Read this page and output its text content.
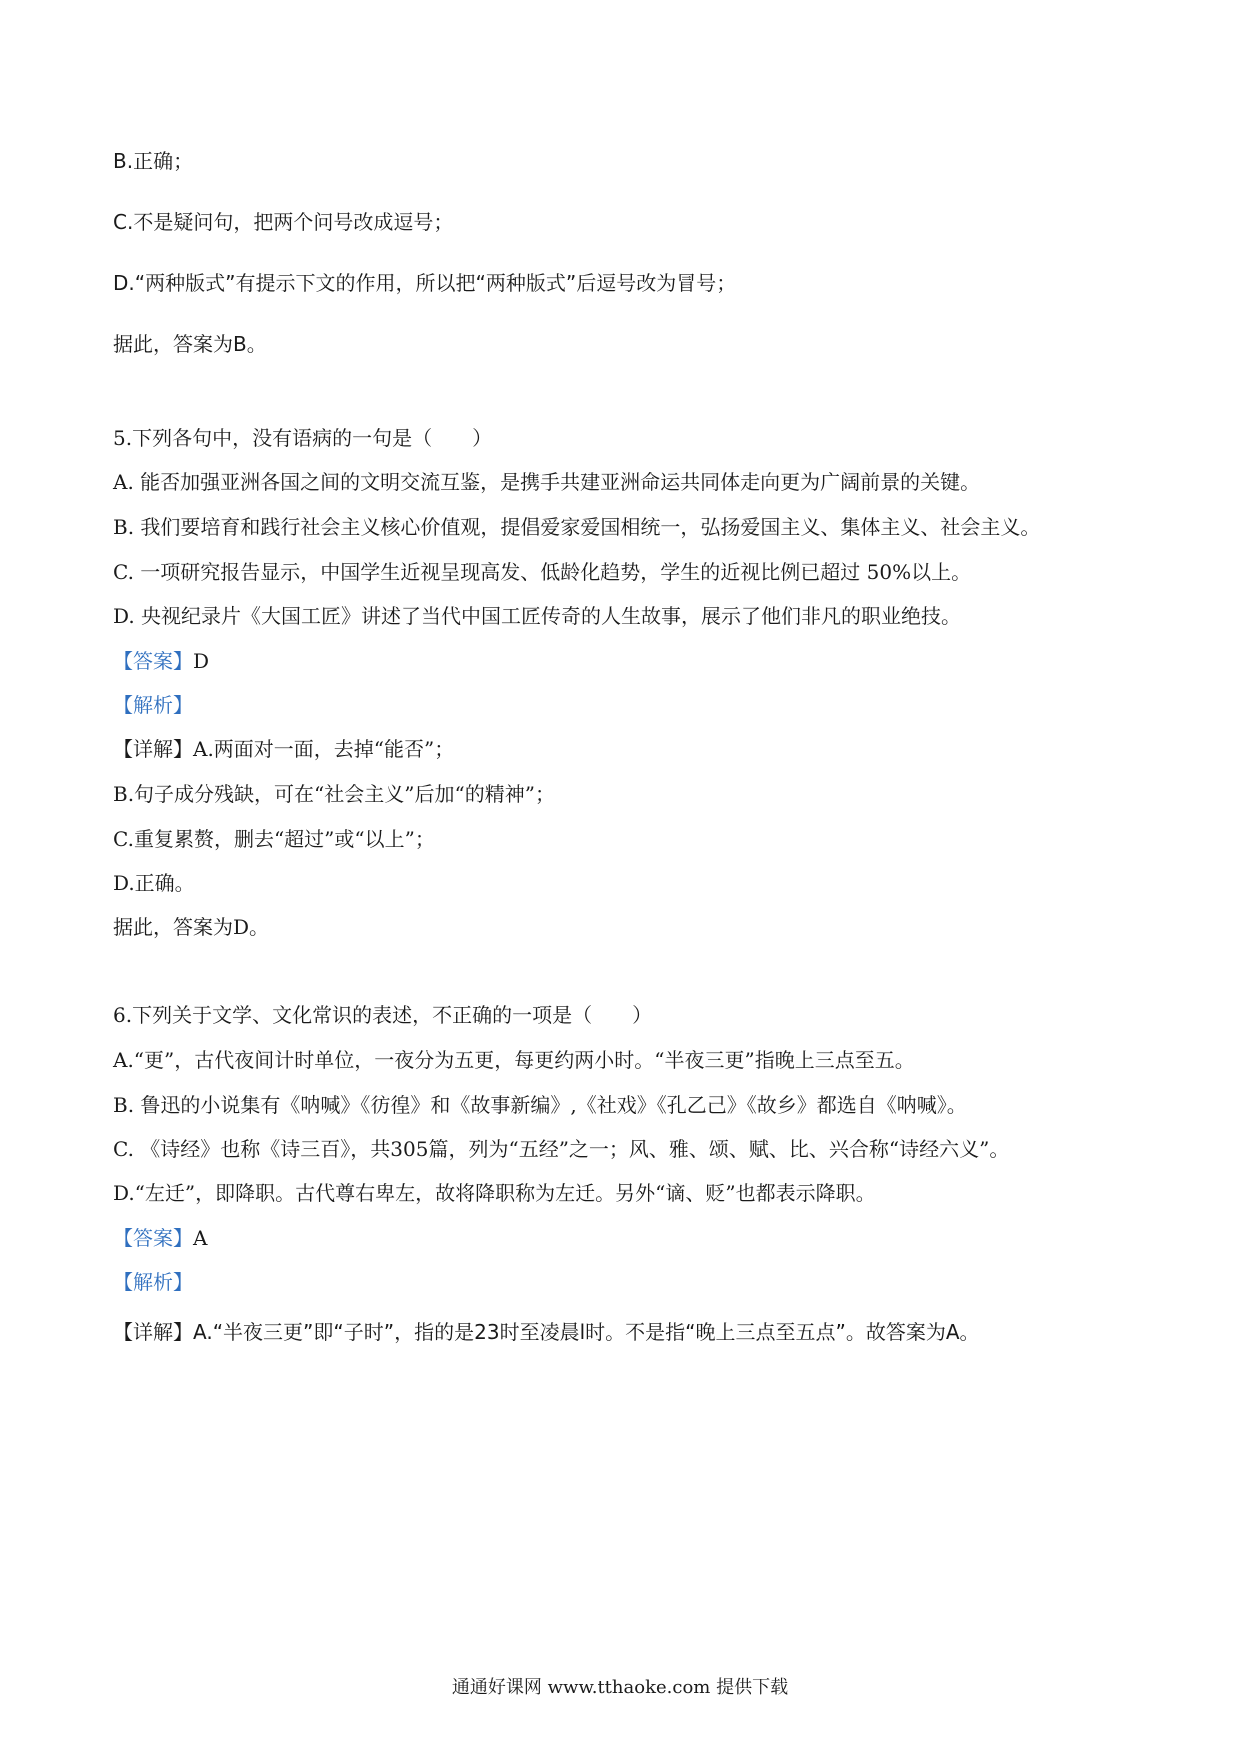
B.正确；
C.不是疑问句，把两个问号改成逗号；
D.“两种版式”有提示下文的作用，所以把“两种版式”后逗号改为冒号；
据此，答案为B。
5.下列各句中，没有语病的一句是（　　）
A. 能否加强亚洲各国之间的文明交流互鉴，是携手共建亚洲命运共同体走向更为广阔前景的关键。
B. 我们要培育和践行社会主义核心价值观，提倡爱家爱国相统一，弘扬爱国主义、集体主义、社会主义。
C. 一项研究报告显示，中国学生近视呈现高发、低龄化趋势，学生的近视比例已超过 50%以上。
D. 央视纪录片《大国工匠》讲述了当代中国工匠传奇的人生故事，展示了他们非凡的职业绝技。
【答案】D
【解析】
【详解】A.两面对一面，去掉“能否”；
B.句子成分残缺，可在“社会主义”后加“的精神”；
C.重复累赘，删去“超过”或“以上”；
D.正确。
据此，答案为D。
6.下列关于文学、文化常识的表述，不正确的一项是（　　）
A.“更”，古代夜间计时单位，一夜分为五更，每更约两小时。“半夜三更”指晚上三点至五。
B. 鲁迅的小说集有《呐喊》《彷徨》和《故事新编》,《社戏》《孔乙己》《故乡》都选自《呐喊》。
C. 《诗经》也称《诗三百》，共305篇，列为“五经”之一；风、雅、颂、赋、比、兴合称“诗经六义”。
D.“左迁”，即降职。古代尊右卑左，故将降职称为左迁。另外“谪、贬”也都表示降职。
【答案】A
【解析】
【详解】A.“半夜三更”即“子时”，指的是23时至凌晨l时。不是指“晚上三点至五点”。故答案为A。
通通好课网 www.tthaoke.com 提供下载
